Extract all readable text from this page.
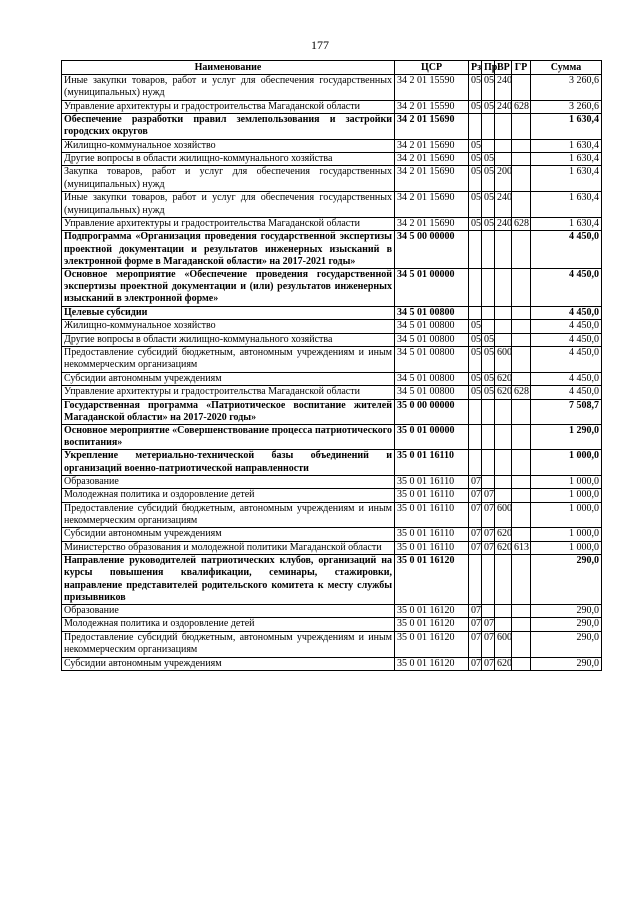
177
Наименование	ЦСР	Рз	Пр	ВР	ГР	Сумма
Иные закупки товаров, работ и услуг для обеспечения государственных (муниципальных) нужд	34 2 01 15590	05	05	240		3 260,6
Управление архитектуры и градостроительства Магаданской области	34 2 01 15590	05	05	240	628	3 260,6
Обеспечение разработки правил землепользования и застройки городских округов	34 2 01 15690					1 630,4
Жилищно-коммунальное хозяйство	34 2 01 15690	05				1 630,4
Другие вопросы в области жилищно-коммунального хозяйства	34 2 01 15690	05	05			1 630,4
Закупка товаров, работ и услуг для обеспечения государственных (муниципальных) нужд	34 2 01 15690	05	05	200		1 630,4
Иные закупки товаров, работ и услуг для обеспечения государственных (муниципальных) нужд	34 2 01 15690	05	05	240		1 630,4
Управление архитектуры и градостроительства Магаданской области	34 2 01 15690	05	05	240	628	1 630,4
Подпрограмма «Организация проведения государственной экспертизы проектной документации и результатов инженерных изысканий в электронной форме в Магаданской области» на 2017-2021 годы»	34 5 00 00000					4 450,0
Основное мероприятие «Обеспечение проведения государственной экспертизы проектной документации и (или) результатов инженерных изысканий в электронной форме»	34 5 01 00000					4 450,0
Целевые субсидии	34 5 01 00800					4 450,0
Жилищно-коммунальное хозяйство	34 5 01 00800	05				4 450,0
Другие вопросы в области жилищно-коммунального хозяйства	34 5 01 00800	05	05			4 450,0
Предоставление субсидий бюджетным, автономным учреждениям и иным некоммерческим организациям	34 5 01 00800	05	05	600		4 450,0
Субсидии автономным учреждениям	34 5 01 00800	05	05	620		4 450,0
Управление архитектуры и градостроительства Магаданской области	34 5 01 00800	05	05	620	628	4 450,0
Государственная программа «Патриотическое воспитание жителей Магаданской области» на 2017-2020 годы»	35 0 00 00000					7 508,7
Основное мероприятие «Совершенствование процесса патриотического воспитания»	35 0 01 00000					1 290,0
Укрепление метериально-технической базы объединений и организаций военно-патриотической направленности	35 0 01 16110					1 000,0
Образование	35 0 01 16110	07				1 000,0
Молодежная политика и оздоровление детей	35 0 01 16110	07	07			1 000,0
Предоставление субсидий бюджетным, автономным учреждениям и иным некоммерческим организациям	35 0 01 16110	07	07	600		1 000,0
Субсидии автономным учреждениям	35 0 01 16110	07	07	620		1 000,0
Министерство образования и молодежной политики Магаданской области	35 0 01 16110	07	07	620	613	1 000,0
Направление руководителей патриотических клубов, организаций на курсы повышения квалификации, семинары, стажировки, направление представителей родительского комитета к месту службы призывников	35 0 01 16120					290,0
Образование	35 0 01 16120	07				290,0
Молодежная политика и оздоровление детей	35 0 01 16120	07	07			290,0
Предоставление субсидий бюджетным, автономным учреждениям и иным некоммерческим организациям	35 0 01 16120	07	07	600		290,0
Субсидии автономным учреждениям	35 0 01 16120	07	07	620		290,0
